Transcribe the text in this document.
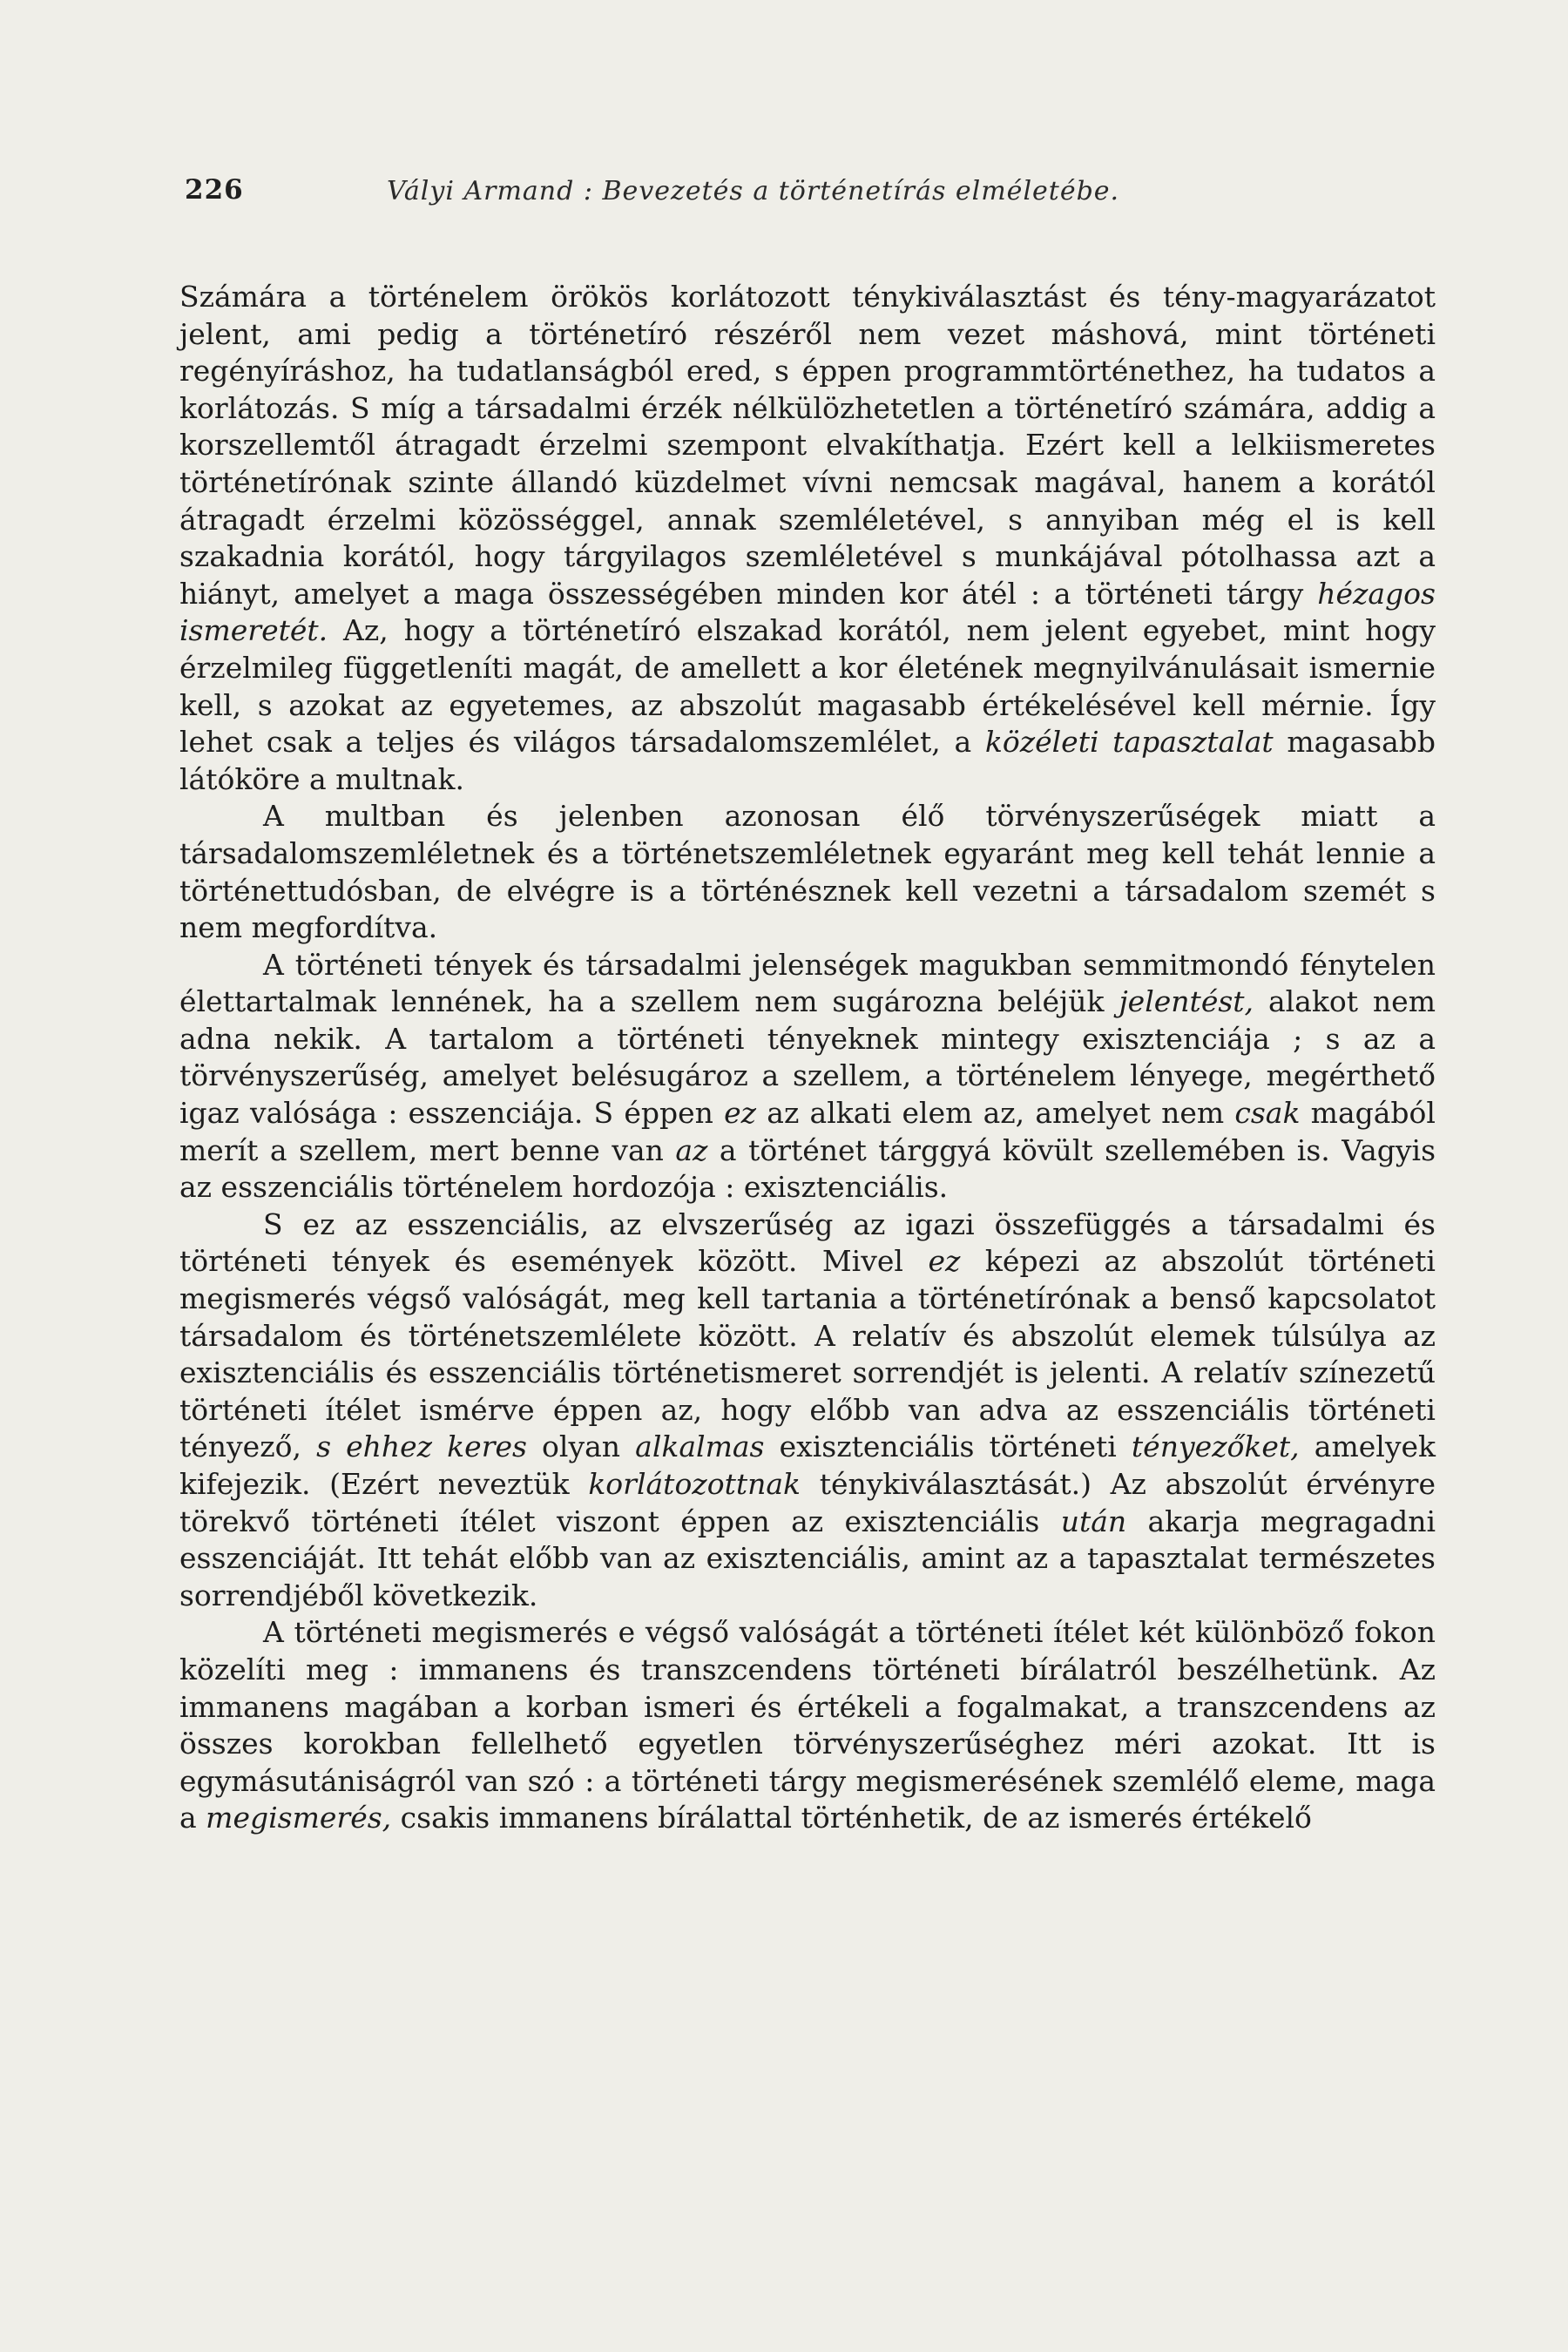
226	Vályi Armand : Bevezetés a történetírás elméletébe.

Számára a történelem örökös korlátozott ténykiválasztást és tény-magyarázatot jelent, ami pedig a történetíró részéről nem vezet máshová, mint történeti regényíráshoz, ha tudatlanságból ered, s éppen programmtörténethez, ha tudatos a korlátozás. S míg a társadalmi érzék nélkülözhetetlen a történetíró számára, addig a korszellemtől átragadt érzelmi szempont elvakíthatja. Ezért kell a lelkiismeretes történetírónak szinte állandó küzdelmet vívni nemcsak magával, hanem a korától átragadt érzelmi közösséggel, annak szemléletével, s annyiban még el is kell szakadnia korától, hogy tárgyilagos szemléletével s munkájával pótolhassa azt a hiányt, amelyet a maga összességében minden kor átél : a történeti tárgy hézagos ismeretét. Az, hogy a történetíró elszakad korától, nem jelent egyebet, mint hogy érzelmileg függetleníti magát, de amellett a kor életének megnyilvánulásait ismernie kell, s azokat az egyetemes, az abszolút magasabb értékelésével kell mérnie. Így lehet csak a teljes és világos társadalomszemlélet, a közéleti tapasztalat magasabb látóköre a multnak.

A multban és jelenben azonosan élő törvényszerűségek miatt a társadalomszemléletnek és a történetszemléletnek egyaránt meg kell tehát lennie a történettudósban, de elvégre is a történésznek kell vezetni a társadalom szemét s nem megfordítva.

A történeti tények és társadalmi jelenségek magukban semmitmondó fénytelen élettartalmak lennének, ha a szellem nem sugározna beléjük jelentést, alakot nem adna nekik. A tartalom a történeti tényeknek mintegy exisztenciája ; s az a törvényszerűség, amelyet belésugároz a szellem, a történelem lényege, megérthető igaz valósága : esszenciája. S éppen ez az alkati elem az, amelyet nem csak magából merít a szellem, mert benne van az a történet tárggyá kövült szellemében is. Vagyis az esszenciális történelem hordozója : exisztenciális.

S ez az esszenciális, az elvszerűség az igazi összefüggés a társadalmi és történeti tények és események között. Mivel ez képezi az abszolút történeti megismerés végső valóságát, meg kell tartania a történetírónak a benső kapcsolatot társadalom és történetszemlélete között. A relatív és abszolút elemek túlsúlya az exisztenciális és esszenciális történetismeret sorrendjét is jelenti. A relatív színezetű történeti ítélet ismérve éppen az, hogy előbb van adva az esszenciális történeti tényező, s ehhez keres olyan alkalmas exisztenciális történeti tényezőket, amelyek kifejezik. (Ezért neveztük korlátozottnak ténykiválasztását.) Az abszolút érvényre törekvő történeti ítélet viszont éppen az exisztenciális után akarja megragadni esszenciáját. Itt tehát előbb van az exisztenciális, amint az a tapasztalat természetes sorrendjéből következik.

A történeti megismerés e végső valóságát a történeti ítélet két különböző fokon közelíti meg : immanens és transzcendens történeti bírálatról beszélhetünk. Az immanens magában a korban ismeri és értékeli a fogalmakat, a transzcendens az összes korokban fellelhető egyetlen törvényszerűséghez méri azokat. Itt is egymásutániságról van szó : a történeti tárgy megismerésének szemlélő eleme, maga a megismerés, csakis immanens bírálattal történhetik, de az ismerés értékelő
